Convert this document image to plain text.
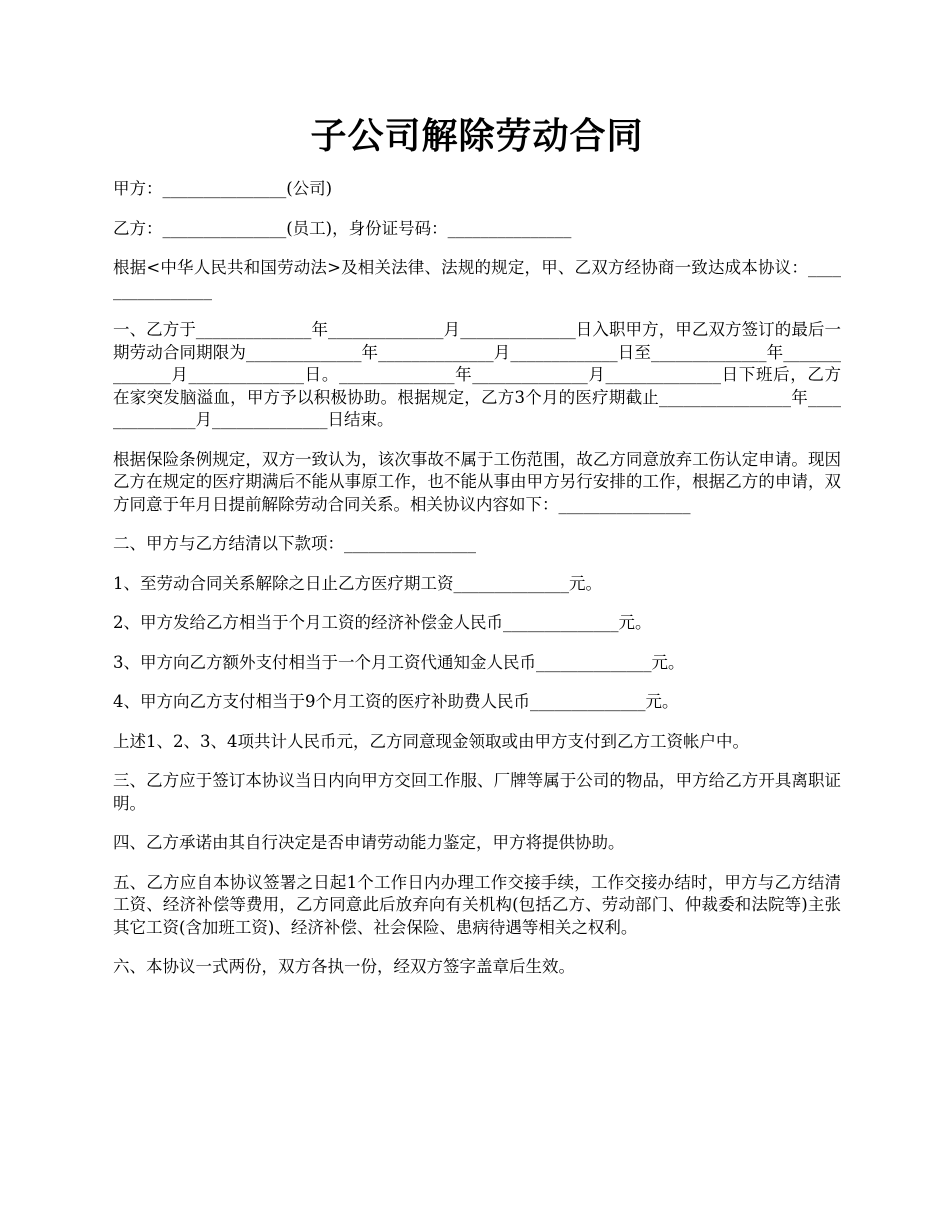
子公司解除劳动合同

甲方：_______________(公司)

乙方：_______________(员工)，身份证号码：_______________

根据<中华人民共和国劳动法>及相关法律、法规的规定，甲、乙双方经协商一致达成本协议：________________

一、乙方于______________年______________月______________日入职甲方，甲乙双方签订的最后一期劳动合同期限为______________年______________月_____________日至______________年______________月______________日。______________年______________月______________日下班后，乙方在家突发脑溢血，甲方予以积极协助。根据规定，乙方3个月的医疗期截止________________年______________月______________日结束。

根据保险条例规定，双方一致认为，该次事故不属于工伤范围，故乙方同意放弃工伤认定申请。现因乙方在规定的医疗期满后不能从事原工作，也不能从事由甲方另行安排的工作，根据乙方的申请，双方同意于年月日提前解除劳动合同关系。相关协议内容如下：________________

二、甲方与乙方结清以下款项：________________

1、至劳动合同关系解除之日止乙方医疗期工资______________元。

2、甲方发给乙方相当于个月工资的经济补偿金人民币______________元。

3、甲方向乙方额外支付相当于一个月工资代通知金人民币______________元。

4、甲方向乙方支付相当于9个月工资的医疗补助费人民币______________元。

上述1、2、3、4项共计人民币元，乙方同意现金领取或由甲方支付到乙方工资帐户中。

三、乙方应于签订本协议当日内向甲方交回工作服、厂牌等属于公司的物品，甲方给乙方开具离职证明。

四、乙方承诺由其自行决定是否申请劳动能力鉴定，甲方将提供协助。

五、乙方应自本协议签署之日起1个工作日内办理工作交接手续，工作交接办结时，甲方与乙方结清工资、经济补偿等费用，乙方同意此后放弃向有关机构(包括乙方、劳动部门、仲裁委和法院等)主张其它工资(含加班工资)、经济补偿、社会保险、患病待遇等相关之权利。

六、本协议一式两份，双方各执一份，经双方签字盖章后生效。
